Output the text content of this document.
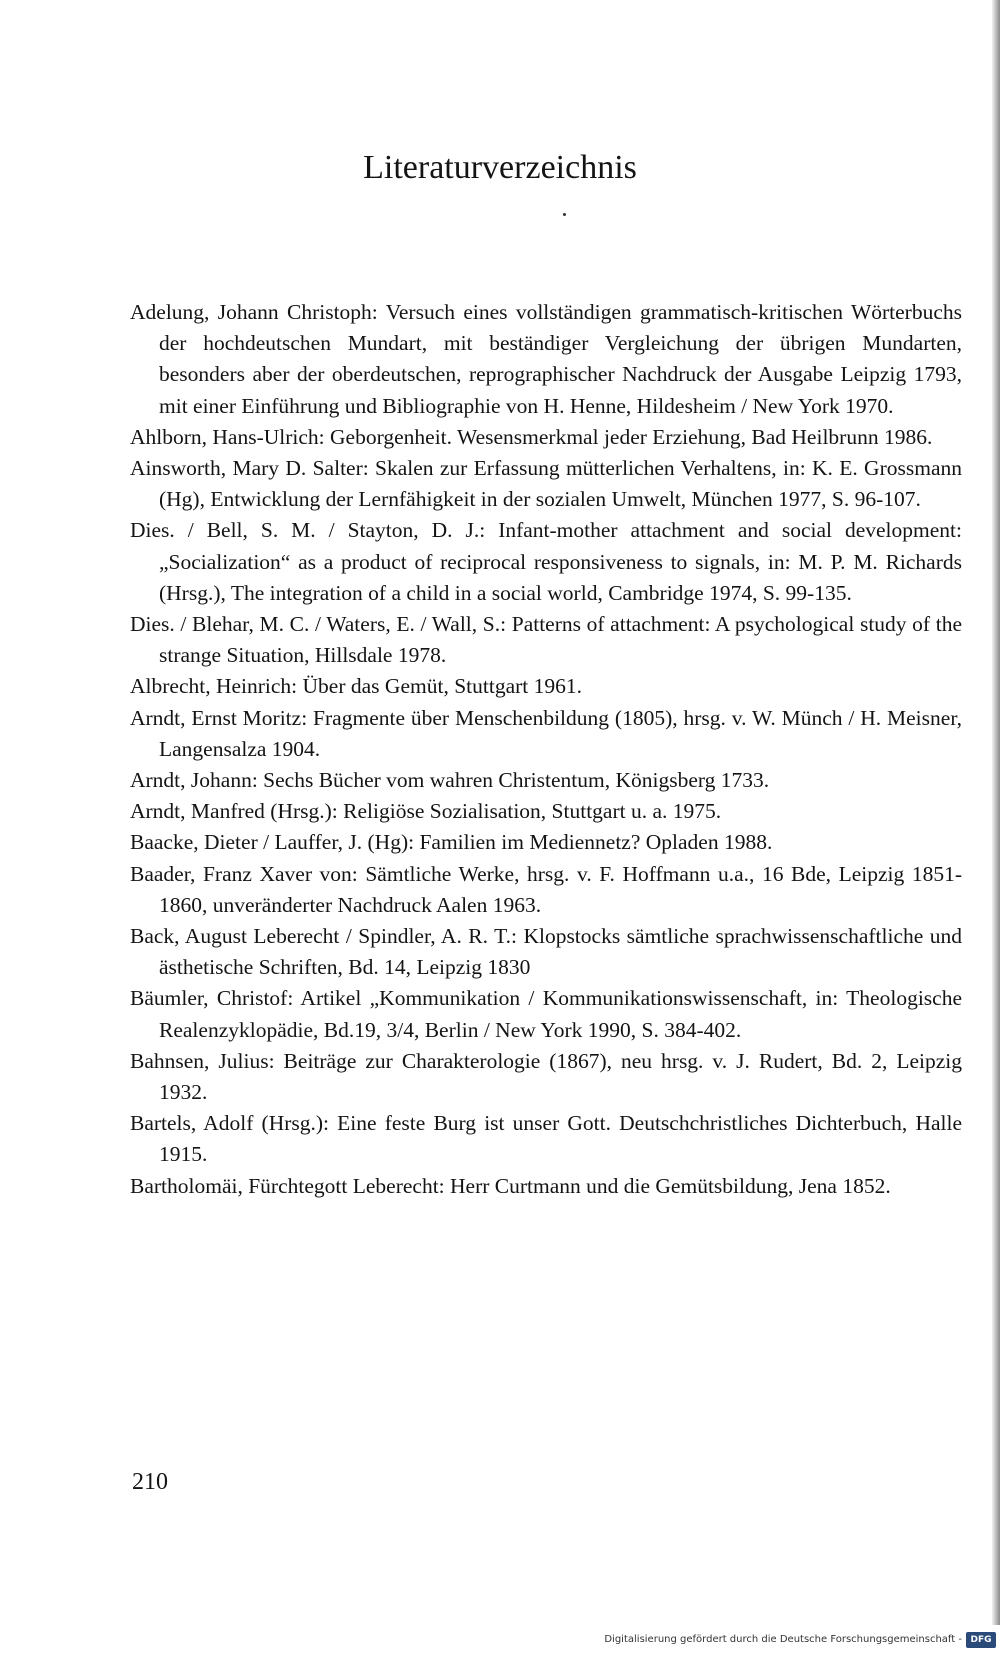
Literaturverzeichnis
Adelung, Johann Christoph: Versuch eines vollständigen grammatisch-kritischen Wörterbuchs der hochdeutschen Mundart, mit beständiger Vergleichung der übrigen Mundarten, besonders aber der oberdeutschen, reprographischer Nachdruck der Ausgabe Leipzig 1793, mit einer Einführung und Bibliographie von H. Henne, Hildesheim / New York 1970.
Ahlborn, Hans-Ulrich: Geborgenheit. Wesensmerkmal jeder Erziehung, Bad Heilbrunn 1986.
Ainsworth, Mary D. Salter: Skalen zur Erfassung mütterlichen Verhaltens, in: K. E. Grossmann (Hg), Entwicklung der Lernfähigkeit in der sozialen Umwelt, München 1977, S. 96-107.
Dies. / Bell, S. M. / Stayton, D. J.: Infant-mother attachment and social development: „Socialization“ as a product of reciprocal responsiveness to signals, in: M. P. M. Richards (Hrsg.), The integration of a child in a social world, Cambridge 1974, S. 99-135.
Dies. / Blehar, M. C. / Waters, E. / Wall, S.: Patterns of attachment: A psychological study of the strange Situation, Hillsdale 1978.
Albrecht, Heinrich: Über das Gemüt, Stuttgart 1961.
Arndt, Ernst Moritz: Fragmente über Menschenbildung (1805), hrsg. v. W. Münch / H. Meisner, Langensalza 1904.
Arndt, Johann: Sechs Bücher vom wahren Christentum, Königsberg 1733.
Arndt, Manfred (Hrsg.): Religiöse Sozialisation, Stuttgart u. a. 1975.
Baacke, Dieter / Lauffer, J. (Hg): Familien im Mediennetz? Opladen 1988.
Baader, Franz Xaver von: Sämtliche Werke, hrsg. v. F. Hoffmann u.a., 16 Bde, Leipzig 1851-1860, unveränderter Nachdruck Aalen 1963.
Back, August Leberecht / Spindler, A. R. T.: Klopstocks sämtliche sprachwissenschaftliche und ästhetische Schriften, Bd. 14, Leipzig 1830
Bäumler, Christof: Artikel „Kommunikation / Kommunikationswissenschaft, in: Theologische Realenzyklopädie, Bd.19, 3/4, Berlin / New York 1990, S. 384-402.
Bahnsen, Julius: Beiträge zur Charakterologie (1867), neu hrsg. v. J. Rudert, Bd. 2, Leipzig 1932.
Bartels, Adolf (Hrsg.): Eine feste Burg ist unser Gott. Deutschchristliches Dichterbuch, Halle 1915.
Bartholomäi, Fürchtegott Leberecht: Herr Curtmann und die Gemütsbildung, Jena 1852.
210
Digitalisierung gefördert durch die Deutsche Forschungsgemeinschaft - DFG
